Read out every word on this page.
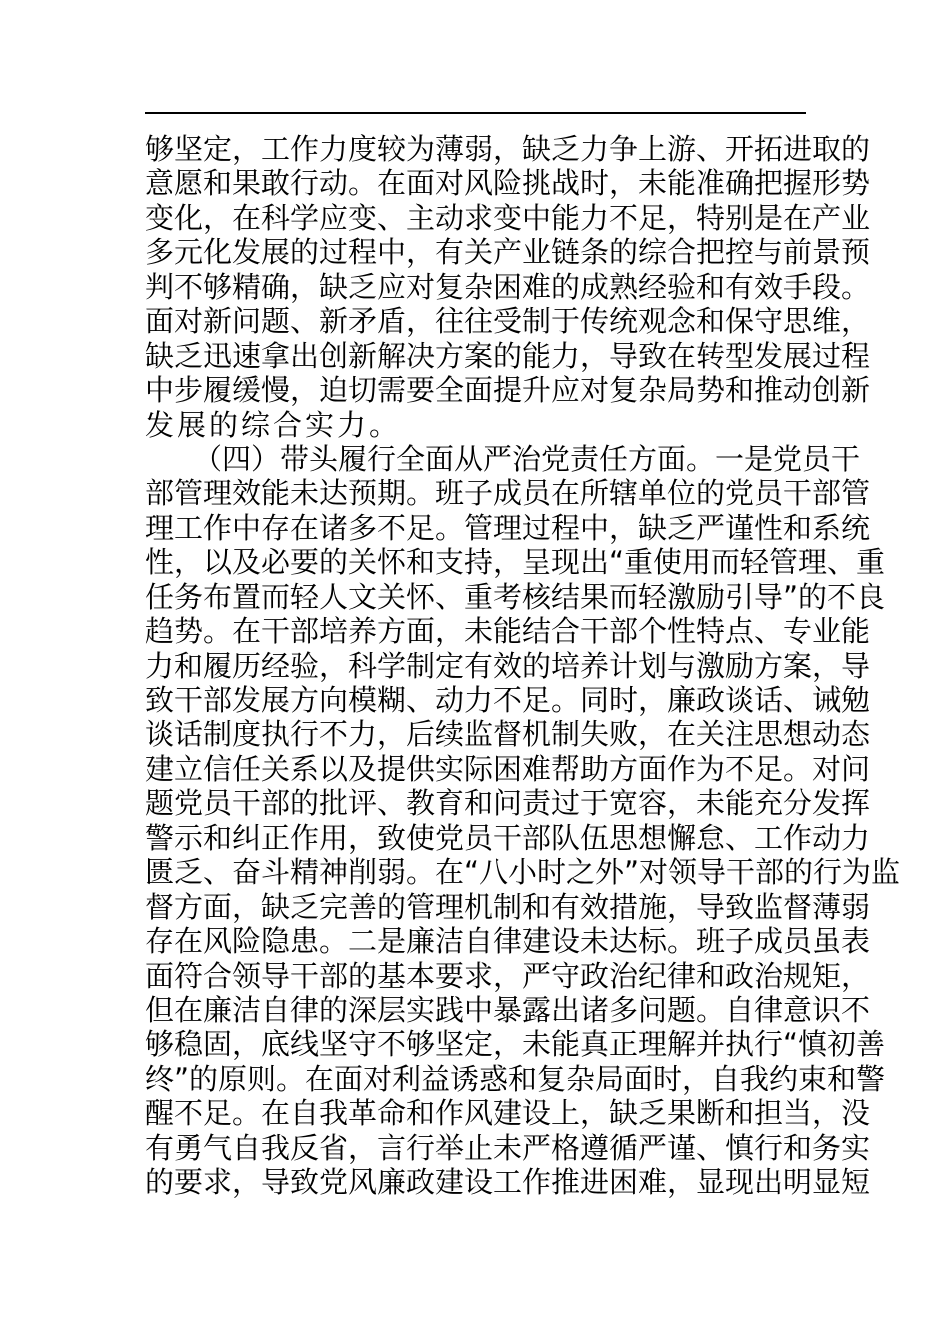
够坚定，工作力度较为薄弱，缺乏力争上游、开拓进取的
意愿和果敢行动。在面对风险挑战时，未能准确把握形势
变化，在科学应变、主动求变中能力不足，特别是在产业
多元化发展的过程中，有关产业链条的综合把控与前景预
判不够精确，缺乏应对复杂困难的成熟经验和有效手段。
面对新问题、新矛盾，往往受制于传统观念和保守思维，
缺乏迅速拿出创新解决方案的能力，导致在转型发展过程
中步履缓慢，迫切需要全面提升应对复杂局势和推动创新
发展的综合实力。
（四）带头履行全面从严治党责任方面。一是党员干
部管理效能未达预期。班子成员在所辖单位的党员干部管
理工作中存在诸多不足。管理过程中，缺乏严谨性和系统
性，以及必要的关怀和支持，呈现出“重使用而轻管理、重
任务布置而轻人文关怀、重考核结果而轻激励引导”的不良
趋势。在干部培养方面，未能结合干部个性特点、专业能
力和履历经验，科学制定有效的培养计划与激励方案，导
致干部发展方向模糊、动力不足。同时，廉政谈话、诫勉
谈话制度执行不力，后续监督机制失败，在关注思想动态
建立信任关系以及提供实际困难帮助方面作为不足。对问
题党员干部的批评、教育和问责过于宽容，未能充分发挥
警示和纠正作用，致使党员干部队伍思想懈怠、工作动力
匮乏、奋斗精神削弱。在“八小时之外”对领导干部的行为监
督方面，缺乏完善的管理机制和有效措施，导致监督薄弱
存在风险隐患。二是廉洁自律建设未达标。班子成员虽表
面符合领导干部的基本要求，严守政治纪律和政治规矩，
但在廉洁自律的深层实践中暴露出诸多问题。自律意识不
够稳固，底线坚守不够坚定，未能真正理解并执行“慎初善
终”的原则。在面对利益诱惑和复杂局面时，自我约束和警
醒不足。在自我革命和作风建设上，缺乏果断和担当，没
有勇气自我反省，言行举止未严格遵循严谨、慎行和务实
的要求，导致党风廉政建设工作推进困难，显现出明显短
